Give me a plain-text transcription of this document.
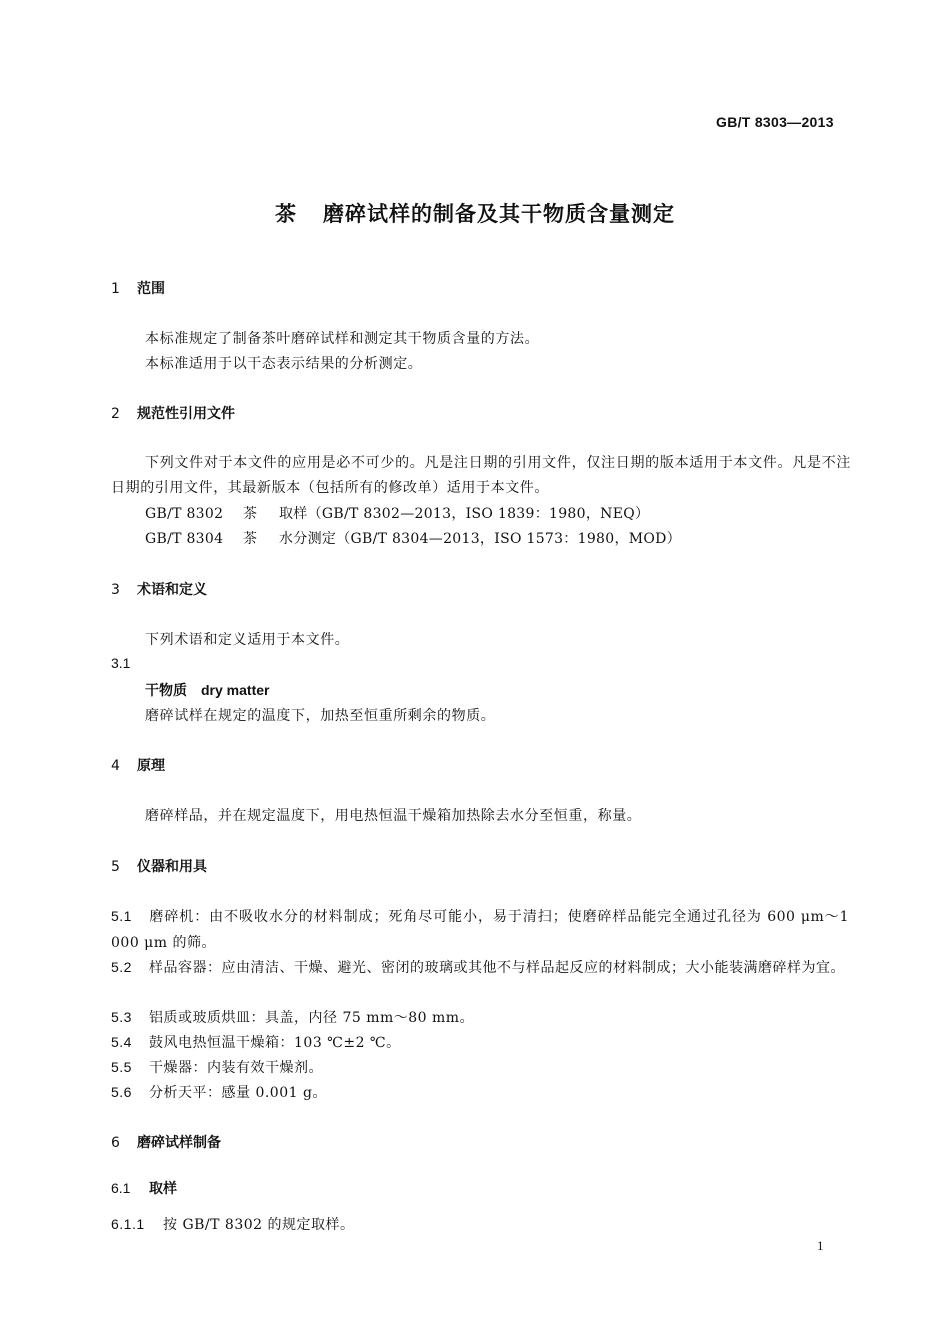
GB/T 8303—2013
茶 磨碎试样的制备及其干物质含量测定
1 范围
本标准规定了制备茶叶磨碎试样和测定其干物质含量的方法。
本标准适用于以干态表示结果的分析测定。
2 规范性引用文件
下列文件对于本文件的应用是必不可少的。凡是注日期的引用文件，仅注日期的版本适用于本文件。凡是不注日期的引用文件，其最新版本（包括所有的修改单）适用于本文件。
GB/T 8302 茶 取样（GB/T 8302—2013，ISO 1839：1980，NEQ）
GB/T 8304 茶 水分测定（GB/T 8304—2013，ISO 1573：1980，MOD）
3 术语和定义
下列术语和定义适用于本文件。
3.1
干物质 dry matter
磨碎试样在规定的温度下，加热至恒重所剩余的物质。
4 原理
磨碎样品，并在规定温度下，用电热恒温干燥箱加热除去水分至恒重，称量。
5 仪器和用具
5.1 磨碎机：由不吸收水分的材料制成；死角尽可能小，易于清扫；使磨碎样品能完全通过孔径为 600 μm～1 000 μm 的筛。
5.2 样品容器：应由清洁、干燥、避光、密闭的玻璃或其他不与样品起反应的材料制成；大小能装满磨碎样为宜。
5.3 铝质或玻质烘皿：具盖，内径 75 mm～80 mm。
5.4 鼓风电热恒温干燥箱：103 ℃±2 ℃。
5.5 干燥器：内装有效干燥剂。
5.6 分析天平：感量 0.001 g。
6 磨碎试样制备
6.1 取样
6.1.1 按 GB/T 8302 的规定取样。
1
